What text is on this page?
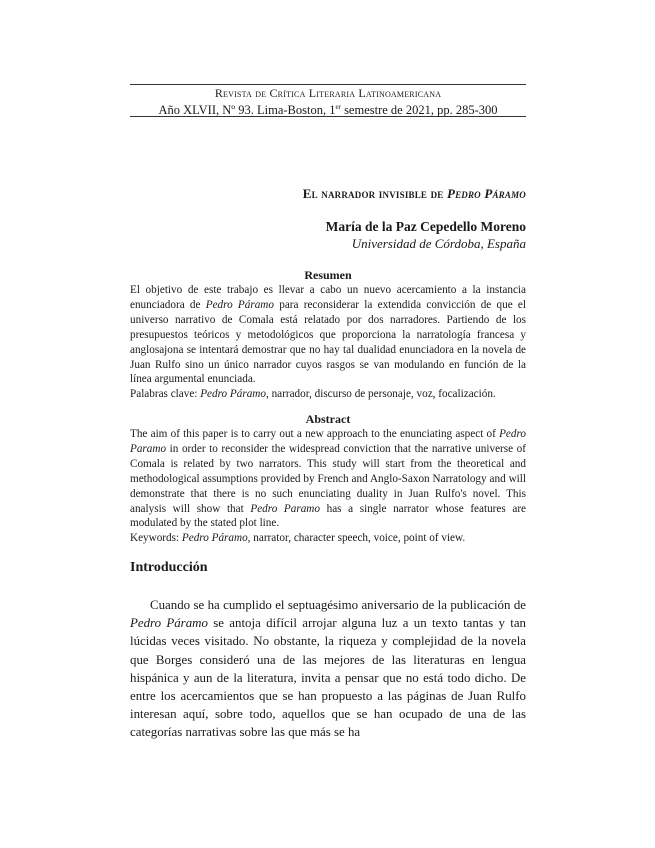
Revista de Crítica Literaria Latinoamericana
Año XLVII, Nº 93. Lima-Boston, 1er semestre de 2021, pp. 285-300
El narrador invisible de Pedro Páramo
María de la Paz Cepedello Moreno
Universidad de Córdoba, España
Resumen

El objetivo de este trabajo es llevar a cabo un nuevo acercamiento a la instancia enunciadora de Pedro Páramo para reconsiderar la extendida convicción de que el universo narrativo de Comala está relatado por dos narradores. Partiendo de los presupuestos teóricos y metodológicos que proporciona la narratología francesa y anglosajona se intentará demostrar que no hay tal dualidad enunciadora en la novela de Juan Rulfo sino un único narrador cuyos rasgos se van modulando en función de la línea argumental enunciada.

Palabras clave: Pedro Páramo, narrador, discurso de personaje, voz, focalización.

Abstract

The aim of this paper is to carry out a new approach to the enunciating aspect of Pedro Paramo in order to reconsider the widespread conviction that the narrative universe of Comala is related by two narrators. This study will start from the theoretical and methodological assumptions provided by French and Anglo-Saxon Narratology and will demonstrate that there is no such enunciating duality in Juan Rulfo's novel. This analysis will show that Pedro Paramo has a single narrator whose features are modulated by the stated plot line.

Keywords: Pedro Páramo, narrator, character speech, voice, point of view.

Introducción

Cuando se ha cumplido el septuagésimo aniversario de la publicación de Pedro Páramo se antoja difícil arrojar alguna luz a un texto tantas y tan lúcidas veces visitado. No obstante, la riqueza y complejidad de la novela que Borges consideró una de las mejores de las literaturas en lengua hispánica y aun de la literatura, invita a pensar que no está todo dicho. De entre los acercamientos que se han propuesto a las páginas de Juan Rulfo interesan aquí, sobre todo, aquellos que se han ocupado de una de las categorías narrativas sobre las que más se ha
